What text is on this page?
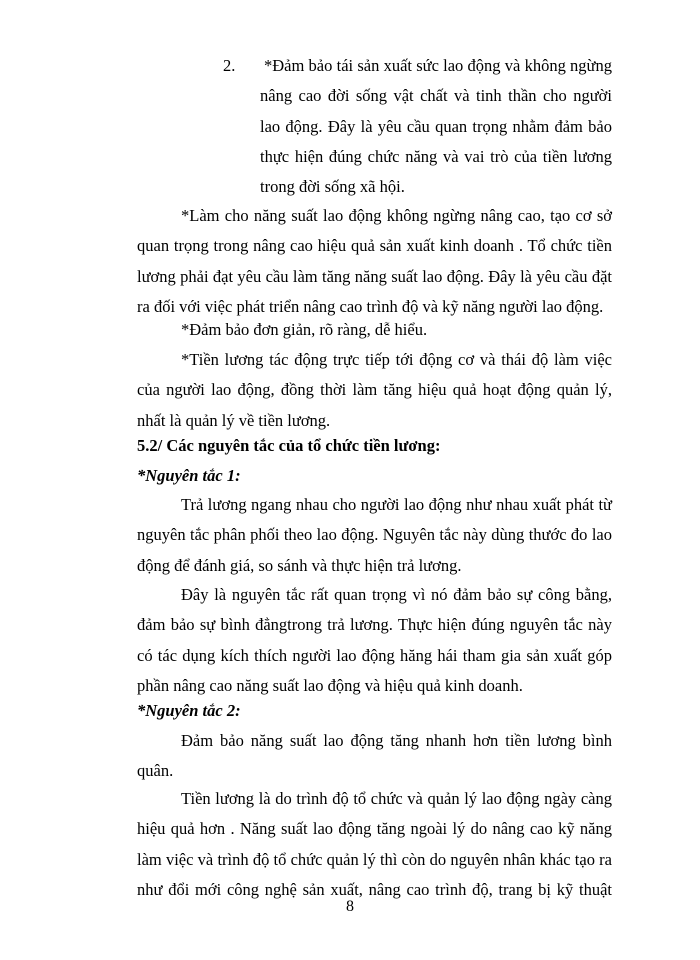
2. *Đảm bảo tái sản xuất sức lao động và không ngừng nâng cao đời sống vật chất và tinh thần cho người lao động. Đây là yêu cầu quan trọng nhằm đảm bảo thực hiện đúng chức năng và vai trò của tiền lương trong đời sống xã hội.

*Làm cho năng suất lao động không ngừng nâng cao, tạo cơ sở quan trọng trong nâng cao hiệu quả sản xuất kinh doanh . Tổ chức tiền lương phải đạt yêu cầu làm tăng năng suất lao động. Đây là yêu cầu đặt ra đối với việc phát triển nâng cao trình độ và kỹ năng người lao động.

*Đảm bảo đơn giản, rõ ràng, dễ hiểu.

*Tiền lương tác động trực tiếp tới động cơ và thái độ làm việc của người lao động, đồng thời làm tăng hiệu quả hoạt động quản lý, nhất là quản lý về tiền lương.

5.2/ Các nguyên tắc của tổ chức tiền lương:

*Nguyên tắc 1:

Trả lương ngang nhau cho người lao động như nhau xuất phát từ nguyên tắc phân phối theo lao động. Nguyên tắc này dùng thước đo lao động để đánh giá, so sánh và thực hiện trả lương.

Đây là nguyên tắc rất quan trọng vì nó đảm bảo sự công bằng, đảm bảo sự bình đẳngtrong trả lương. Thực hiện đúng nguyên tắc này có tác dụng kích thích người lao động hăng hái tham gia sản xuất góp phần nâng cao năng suất lao động và hiệu quả kinh doanh.

*Nguyên tắc 2:

Đảm bảo năng suất lao động tăng nhanh hơn tiền lương bình quân.

Tiền lương là do trình độ tổ chức và quản lý lao động ngày càng hiệu quả hơn . Năng suất lao động tăng ngoài lý do nâng cao kỹ năng làm việc và trình độ tổ chức quản lý thì còn do nguyên nhân khác tạo ra như đổi mới công nghệ sản xuất, nâng cao trình độ, trang bị kỹ thuật

8
